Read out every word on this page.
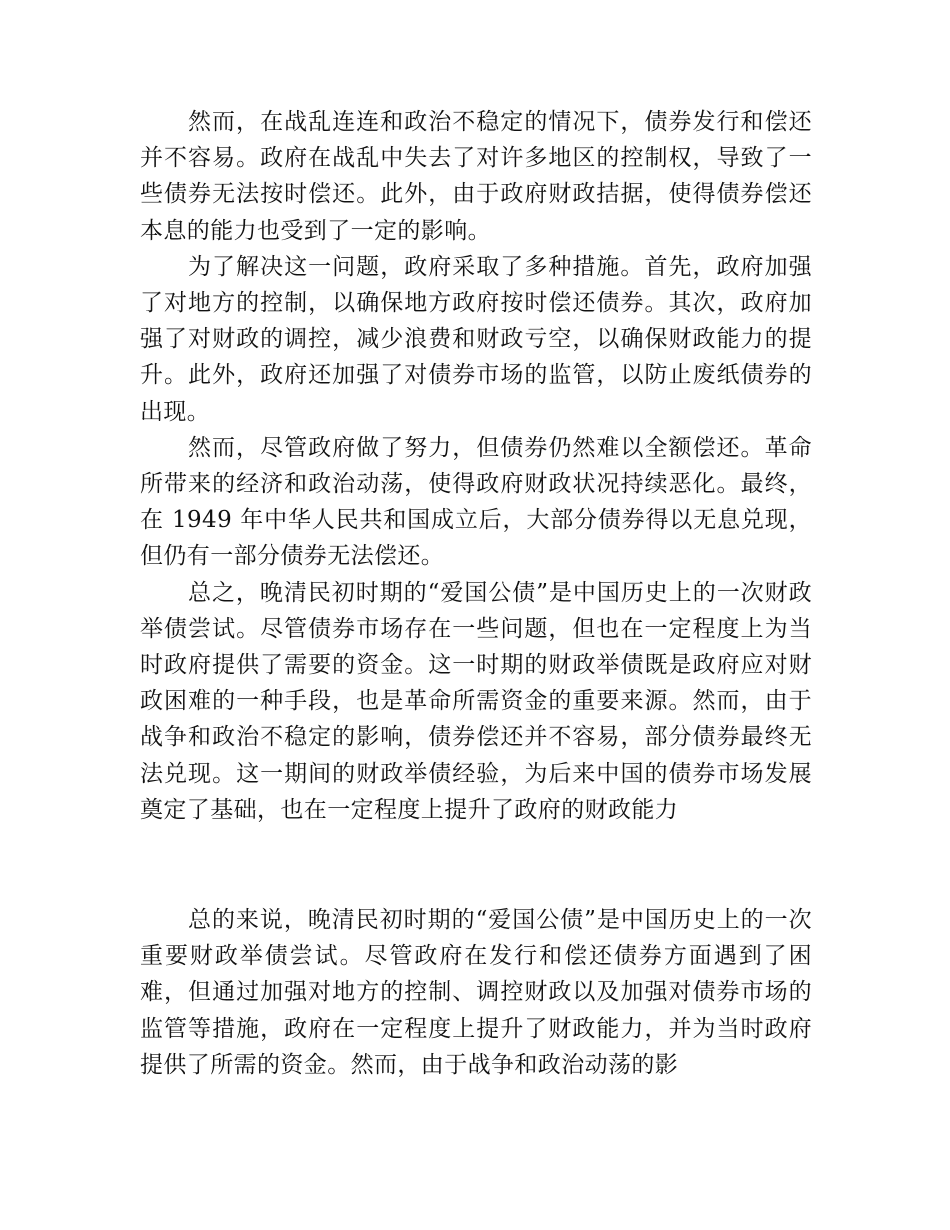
然而，在战乱连连和政治不稳定的情况下，债券发行和偿还并不容易。政府在战乱中失去了对许多地区的控制权，导致了一些债券无法按时偿还。此外，由于政府财政拮据，使得债券偿还本息的能力也受到了一定的影响。

为了解决这一问题，政府采取了多种措施。首先，政府加强了对地方的控制，以确保地方政府按时偿还债券。其次，政府加强了对财政的调控，减少浪费和财政亏空，以确保财政能力的提升。此外，政府还加强了对债券市场的监管，以防止废纸债券的出现。

然而，尽管政府做了努力，但债券仍然难以全额偿还。革命所带来的经济和政治动荡，使得政府财政状况持续恶化。最终，在 1949 年中华人民共和国成立后，大部分债券得以无息兑现，但仍有一部分债券无法偿还。

总之，晚清民初时期的“爱国公债”是中国历史上的一次财政举债尝试。尽管债券市场存在一些问题，但也在一定程度上为当时政府提供了需要的资金。这一时期的财政举债既是政府应对财政困难的一种手段，也是革命所需资金的重要来源。然而，由于战争和政治不稳定的影响，债券偿还并不容易，部分债券最终无法兑现。这一期间的财政举债经验，为后来中国的债券市场发展奠定了基础，也在一定程度上提升了政府的财政能力

总的来说，晚清民初时期的“爱国公债”是中国历史上的一次重要财政举债尝试。尽管政府在发行和偿还债券方面遇到了困难，但通过加强对地方的控制、调控财政以及加强对债券市场的监管等措施，政府在一定程度上提升了财政能力，并为当时政府提供了所需的资金。然而，由于战争和政治动荡的影
